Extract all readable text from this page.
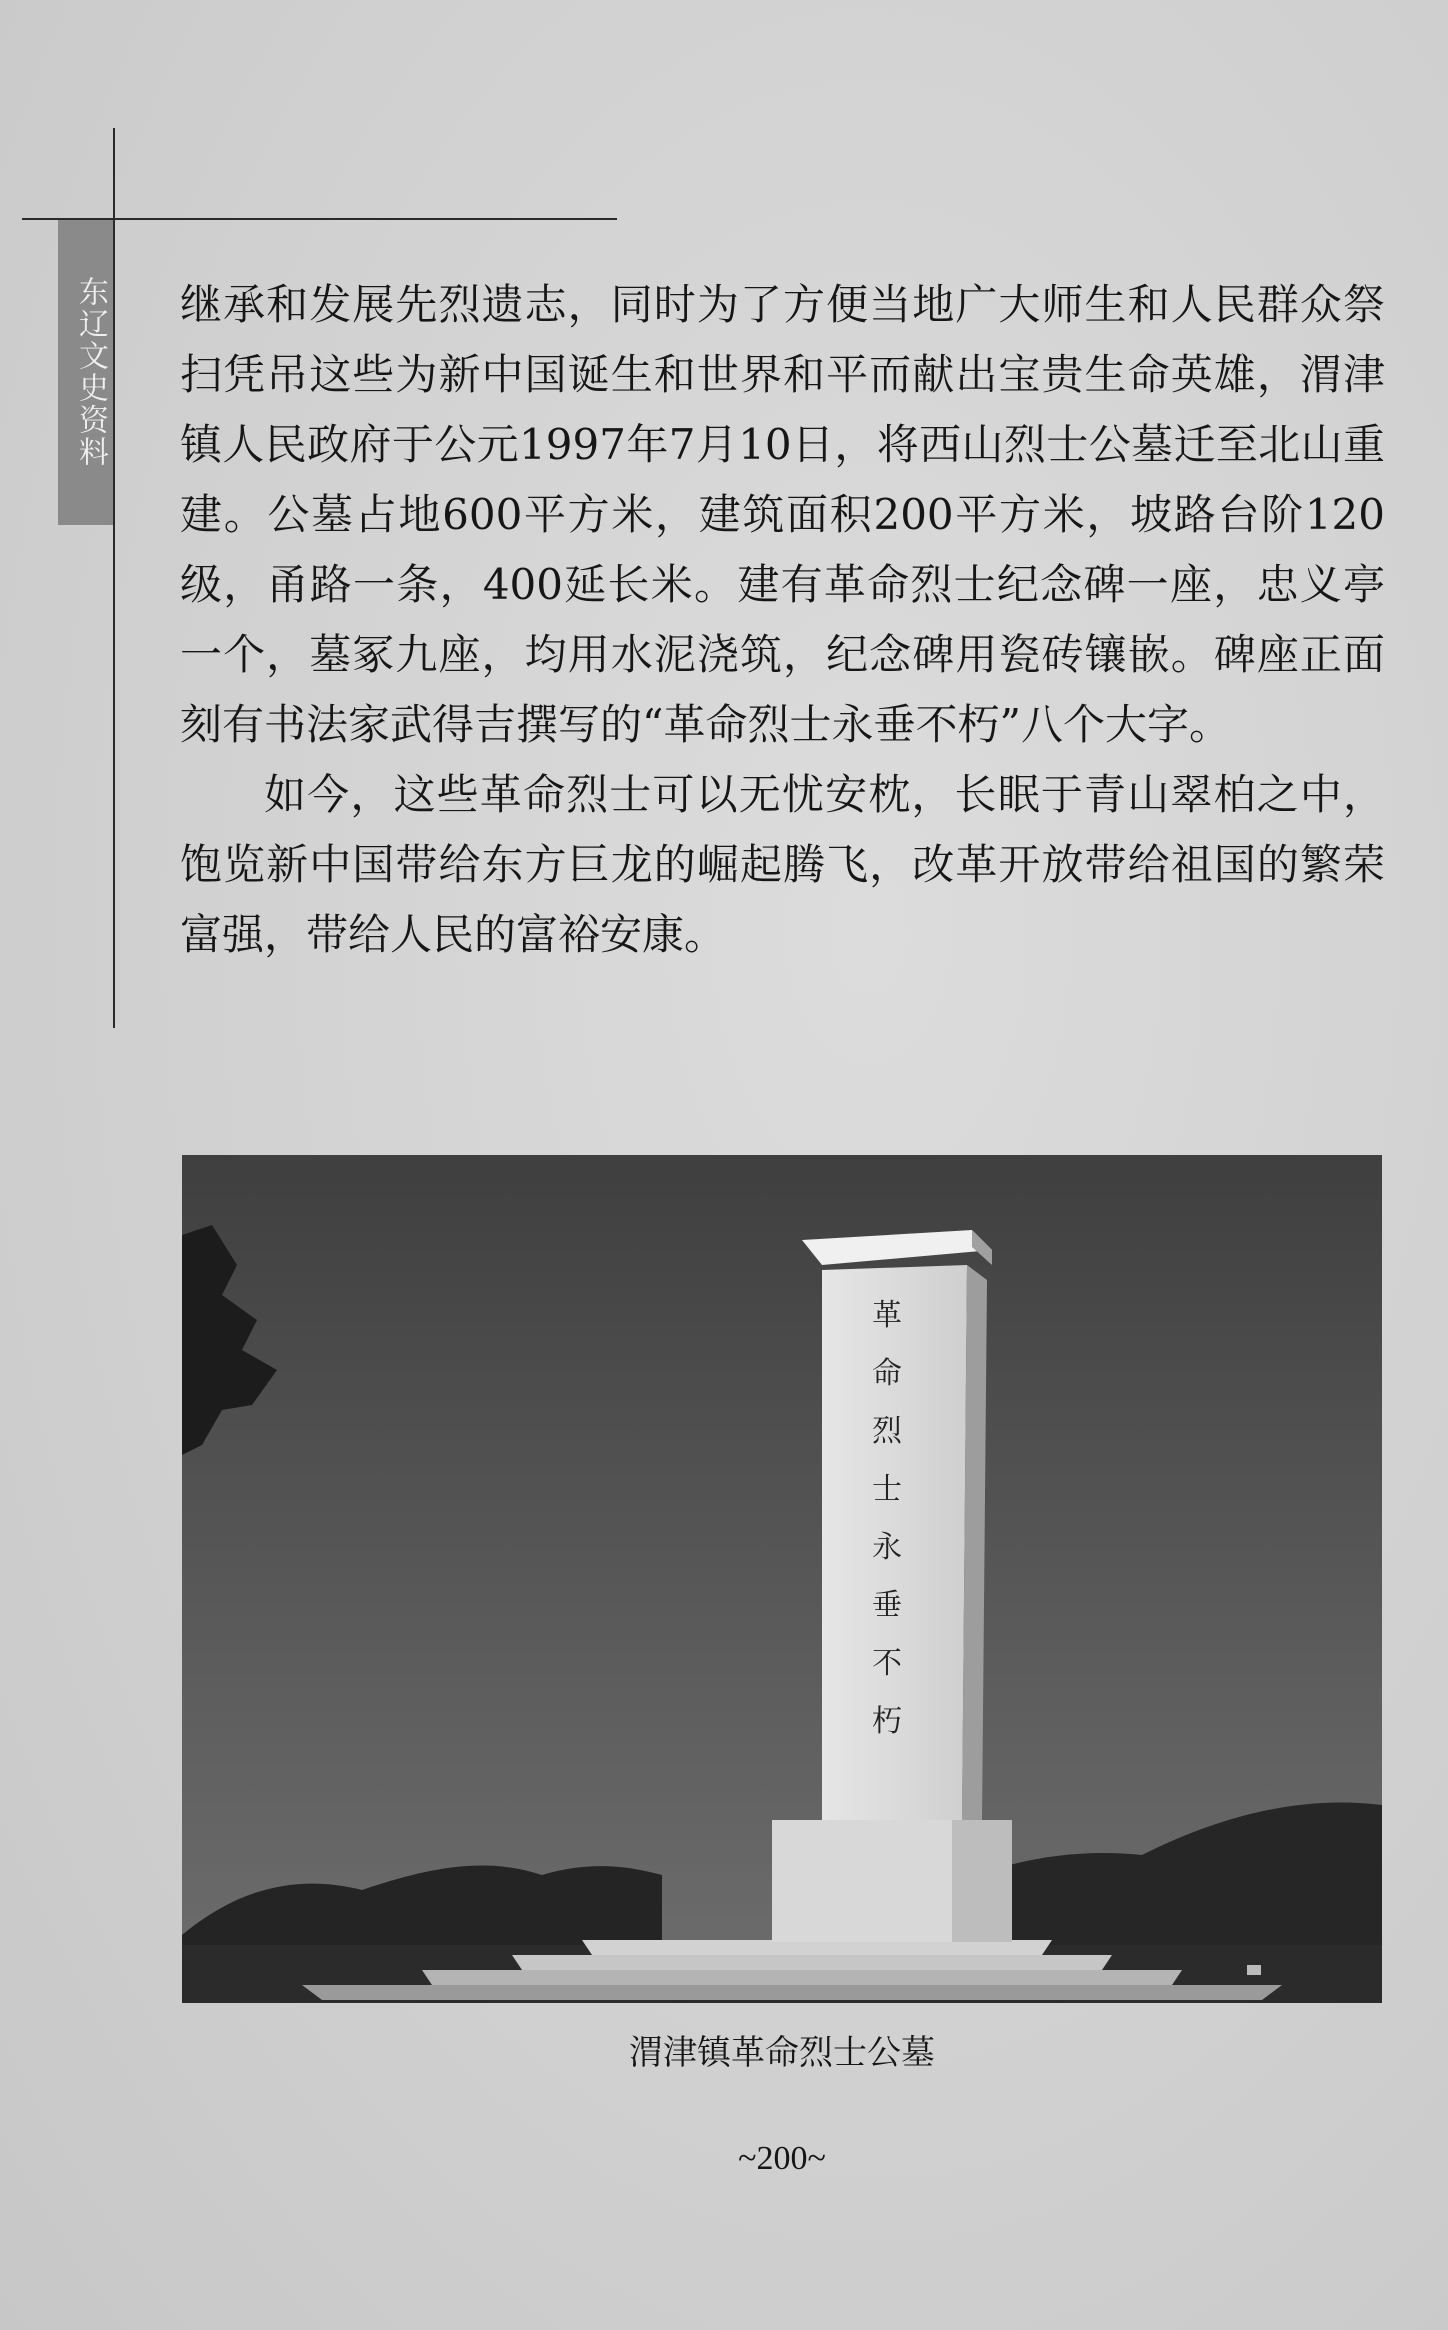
东辽文史资料 继承和发展先烈遗志，同时为了方便当地广大师生和人民群众祭扫凭吊这些为新中国诞生和世界和平而献出宝贵生命英雄，渭津镇人民政府于公元1997年7月10日，将西山烈士公墓迁至北山重建。公墓占地600平方米，建筑面积200平方米，坡路台阶120级，甬路一条，400延长米。建有革命烈士纪念碑一座，忠义亭一个，墓冢九座，均用水泥浇筑，纪念碑用瓷砖镶嵌。碑座正面刻有书法家武得吉撰写的“革命烈士永垂不朽”八个大字。

如今，这些革命烈士可以无忧安枕，长眠于青山翠柏之中，饱览新中国带给东方巨龙的崛起腾飞，改革开放带给祖国的繁荣富强，带给人民的富裕安康。

革命烈士永垂不朽
渭津镇革命烈士公墓
~200~
